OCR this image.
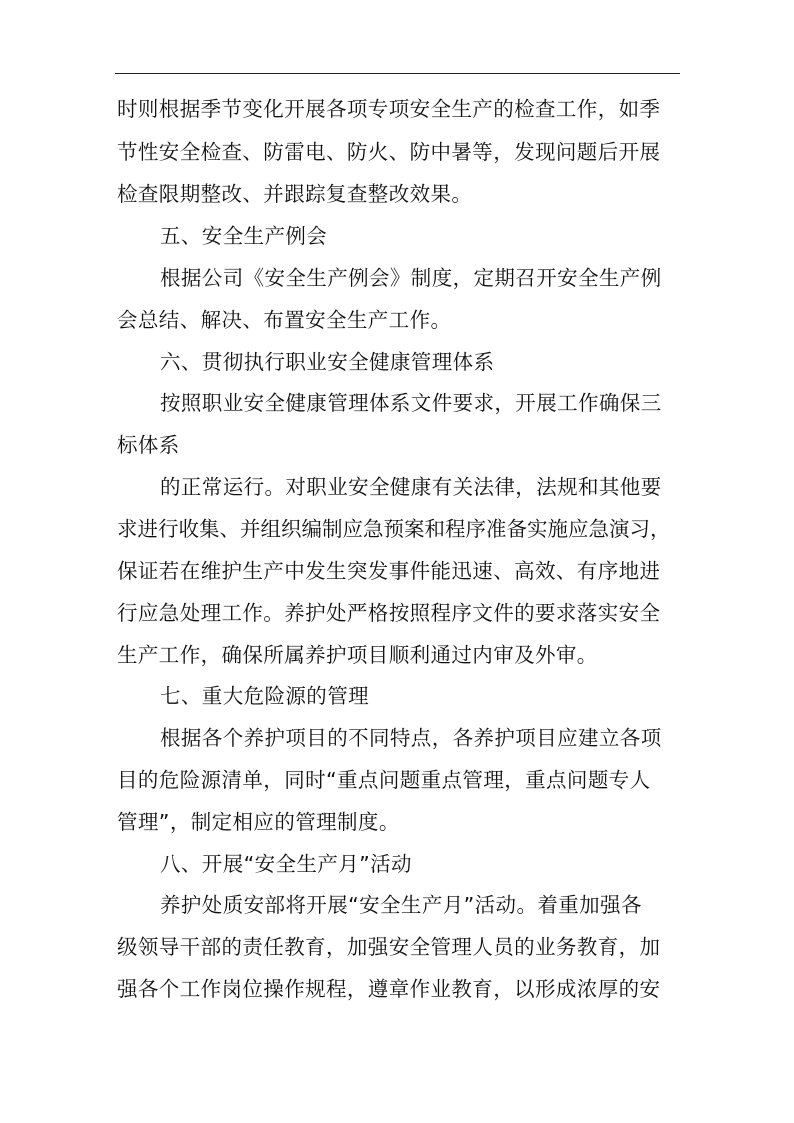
时则根据季节变化开展各项专项安全生产的检查工作，如季
节性安全检查、防雷电、防火、防中暑等，发现问题后开展
检查限期整改、并跟踪复查整改效果。
五、安全生产例会
根据公司《安全生产例会》制度，定期召开安全生产例
会总结、解决、布置安全生产工作。
六、贯彻执行职业安全健康管理体系
按照职业安全健康管理体系文件要求，开展工作确保三
标体系
的正常运行。对职业安全健康有关法律，法规和其他要
求进行收集、并组织编制应急预案和程序准备实施应急演习，
保证若在维护生产中发生突发事件能迅速、高效、有序地进
行应急处理工作。养护处严格按照程序文件的要求落实安全
生产工作，确保所属养护项目顺利通过内审及外审。
七、重大危险源的管理
根据各个养护项目的不同特点，各养护项目应建立各项
目的危险源清单，同时“重点问题重点管理，重点问题专人
管理”，制定相应的管理制度。
八、开展“安全生产月”活动
养护处质安部将开展“安全生产月”活动。着重加强各
级领导干部的责任教育，加强安全管理人员的业务教育，加
强各个工作岗位操作规程，遵章作业教育，以形成浓厚的安
